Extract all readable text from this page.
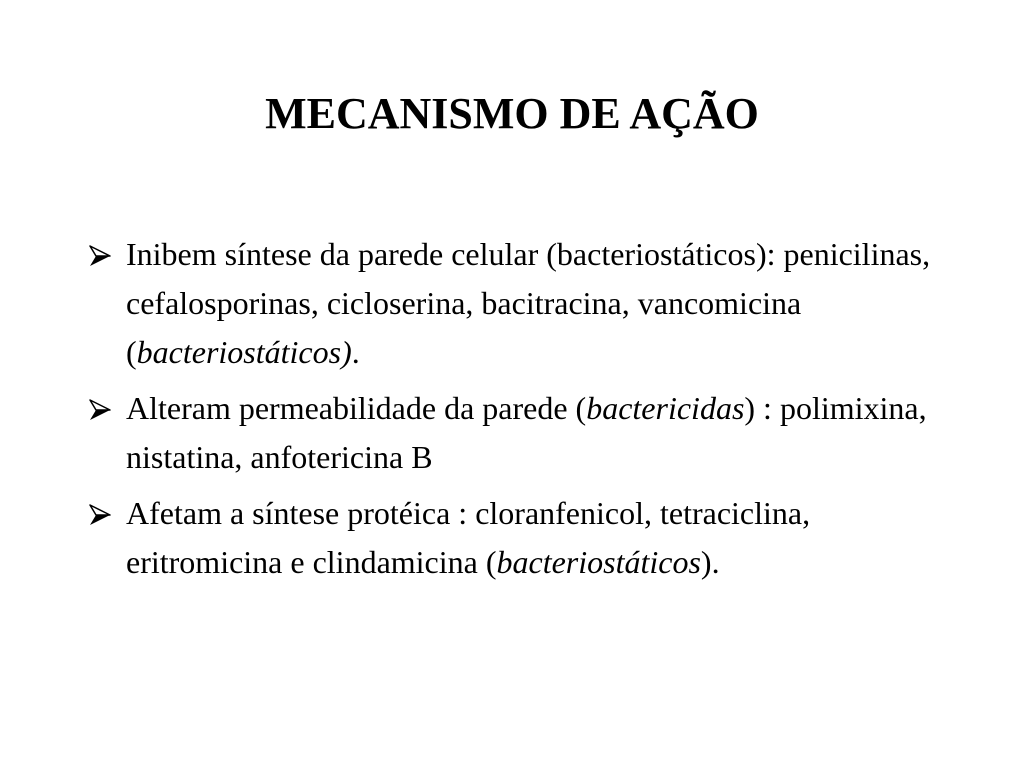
MECANISMO DE AÇÃO
Inibem síntese da parede celular (bacteriostáticos): penicilinas, cefalosporinas, cicloserina, bacitracina, vancomicina (bacteriostáticos).
Alteram permeabilidade da parede (bactericidas) : polimixina, nistatina, anfotericina B
Afetam a síntese protéica : cloranfenicol, tetraciclina, eritromicina e clindamicina (bacteriostáticos).
